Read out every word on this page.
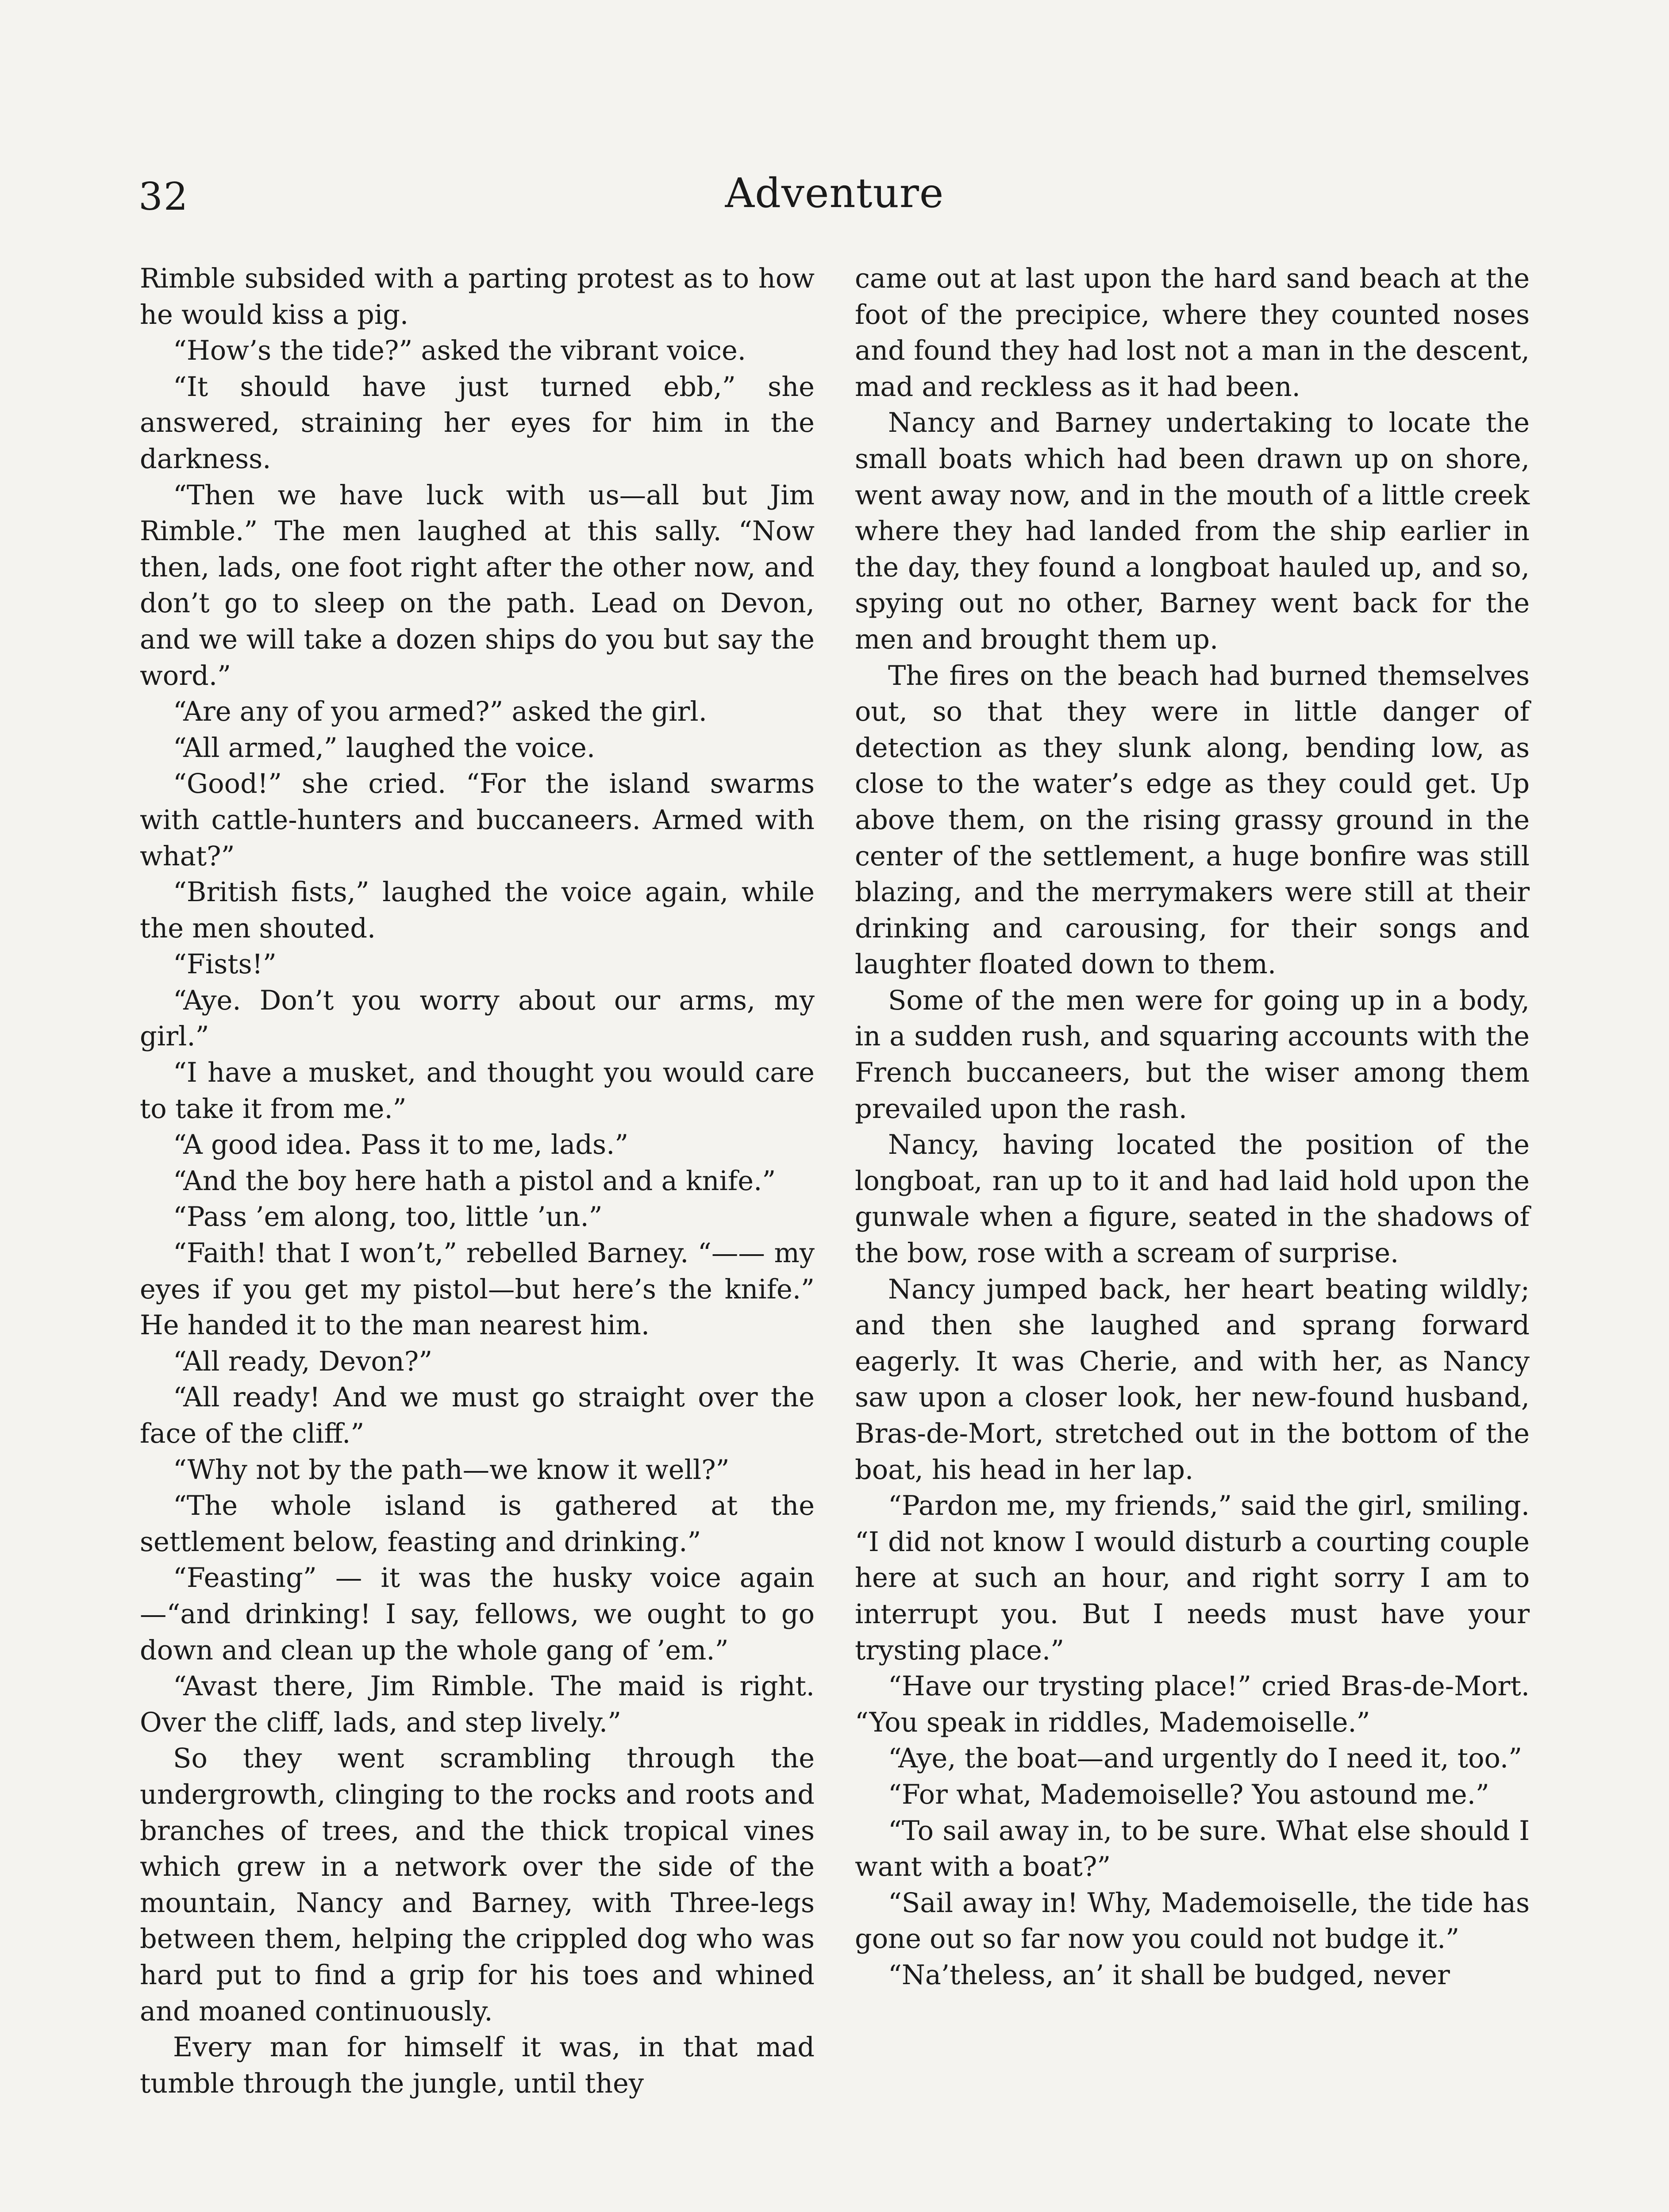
32	Adventure

Rimble subsided with a parting protest as to how he would kiss a pig.

“How’s the tide?” asked the vibrant voice.

“It should have just turned ebb,” she answered, straining her eyes for him in the darkness.

“Then we have luck with us—all but Jim Rimble.” The men laughed at this sally. “Now then, lads, one foot right after the other now, and don’t go to sleep on the path. Lead on Devon, and we will take a dozen ships do you but say the word.”

“Are any of you armed?” asked the girl.

“All armed,” laughed the voice.

“Good!” she cried. “For the island swarms with cattle-hunters and buccaneers. Armed with what?”

“British fists,” laughed the voice again, while the men shouted.

“Fists!”

“Aye. Don’t you worry about our arms, my girl.”

“I have a musket, and thought you would care to take it from me.”

“A good idea. Pass it to me, lads.”

“And the boy here hath a pistol and a knife.”

“Pass ’em along, too, little ’un.”

“Faith! that I won’t,” rebelled Barney. “—— my eyes if you get my pistol—but here’s the knife.” He handed it to the man nearest him.

“All ready, Devon?”

“All ready! And we must go straight over the face of the cliff.”

“Why not by the path—we know it well?”

“The whole island is gathered at the settlement below, feasting and drinking.”

“Feasting” — it was the husky voice again—“and drinking! I say, fellows, we ought to go down and clean up the whole gang of ’em.”

“Avast there, Jim Rimble. The maid is right. Over the cliff, lads, and step lively.”

So they went scrambling through the undergrowth, clinging to the rocks and roots and branches of trees, and the thick tropical vines which grew in a network over the side of the mountain, Nancy and Barney, with Three-legs between them, helping the crippled dog who was hard put to find a grip for his toes and whined and moaned continuously.

Every man for himself it was, in that mad tumble through the jungle, until they

came out at last upon the hard sand beach at the foot of the precipice, where they counted noses and found they had lost not a man in the descent, mad and reckless as it had been.

Nancy and Barney undertaking to locate the small boats which had been drawn up on shore, went away now, and in the mouth of a little creek where they had landed from the ship earlier in the day, they found a longboat hauled up, and so, spying out no other, Barney went back for the men and brought them up.

The fires on the beach had burned themselves out, so that they were in little danger of detection as they slunk along, bending low, as close to the water’s edge as they could get. Up above them, on the rising grassy ground in the center of the settlement, a huge bonfire was still blazing, and the merrymakers were still at their drinking and carousing, for their songs and laughter floated down to them.

Some of the men were for going up in a body, in a sudden rush, and squaring accounts with the French buccaneers, but the wiser among them prevailed upon the rash.

Nancy, having located the position of the longboat, ran up to it and had laid hold upon the gunwale when a figure, seated in the shadows of the bow, rose with a scream of surprise.

Nancy jumped back, her heart beating wildly; and then she laughed and sprang forward eagerly. It was Cherie, and with her, as Nancy saw upon a closer look, her new-found husband, Bras-de-Mort, stretched out in the bottom of the boat, his head in her lap.

“Pardon me, my friends,” said the girl, smiling. “I did not know I would disturb a courting couple here at such an hour, and right sorry I am to interrupt you. But I needs must have your trysting place.”

“Have our trysting place!” cried Bras-de-Mort. “You speak in riddles, Mademoiselle.”

“Aye, the boat—and urgently do I need it, too.”

“For what, Mademoiselle? You astound me.”

“To sail away in, to be sure. What else should I want with a boat?”

“Sail away in! Why, Mademoiselle, the tide has gone out so far now you could not budge it.”

“Na’theless, an’ it shall be budged, never
